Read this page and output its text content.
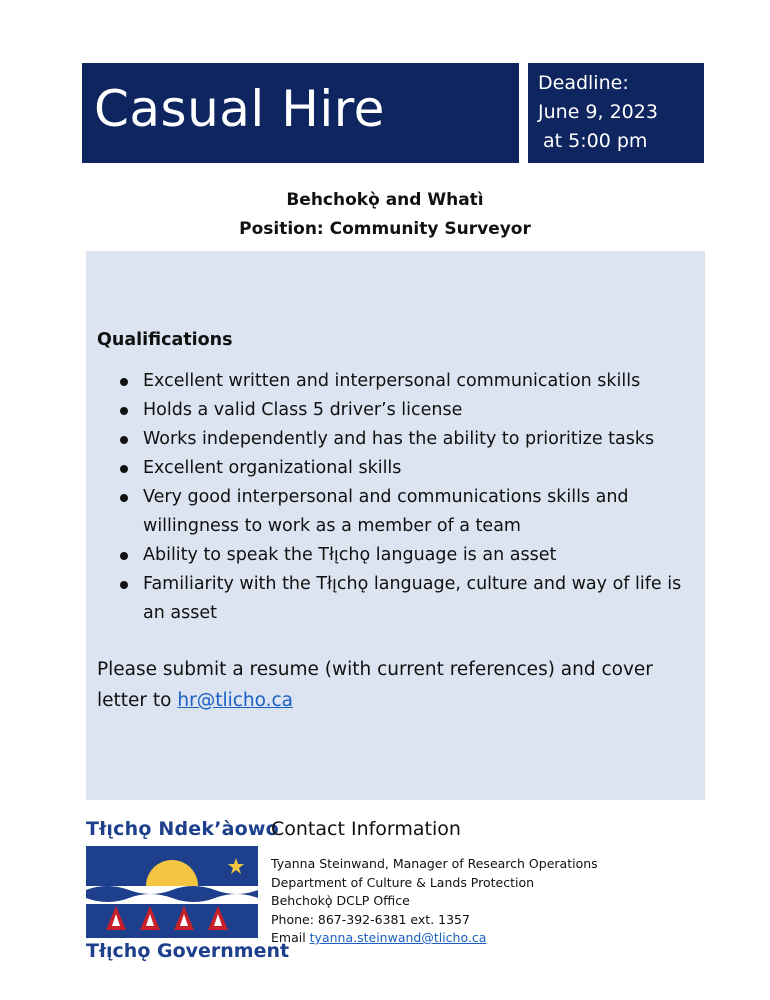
Casual Hire	Deadline:
June 9, 2023
at 5:00 pm
Behchokǫ̀ and Whatì
Position: Community Surveyor
Qualifications
Excellent written and interpersonal communication skills
Holds a valid Class 5 driver’s license
Works independently and has the ability to prioritize tasks
Excellent organizational skills
Very good interpersonal and communications skills and willingness to work as a member of a team
Ability to speak the Tłı̨chǫ language is an asset
Familiarity with the Tłı̨chǫ language, culture and way of life is an asset
Please submit a resume (with current references) and cover letter to hr@tlicho.ca
Tłı̨chǫ Ndek’àowo
Tłı̨chǫ Government
Contact Information
Tyanna Steinwand, Manager of Research Operations
Department of Culture & Lands Protection
Behchokǫ̀ DCLP Office
Phone: 867-392-6381 ext. 1357
Email tyanna.steinwand@tlicho.ca
